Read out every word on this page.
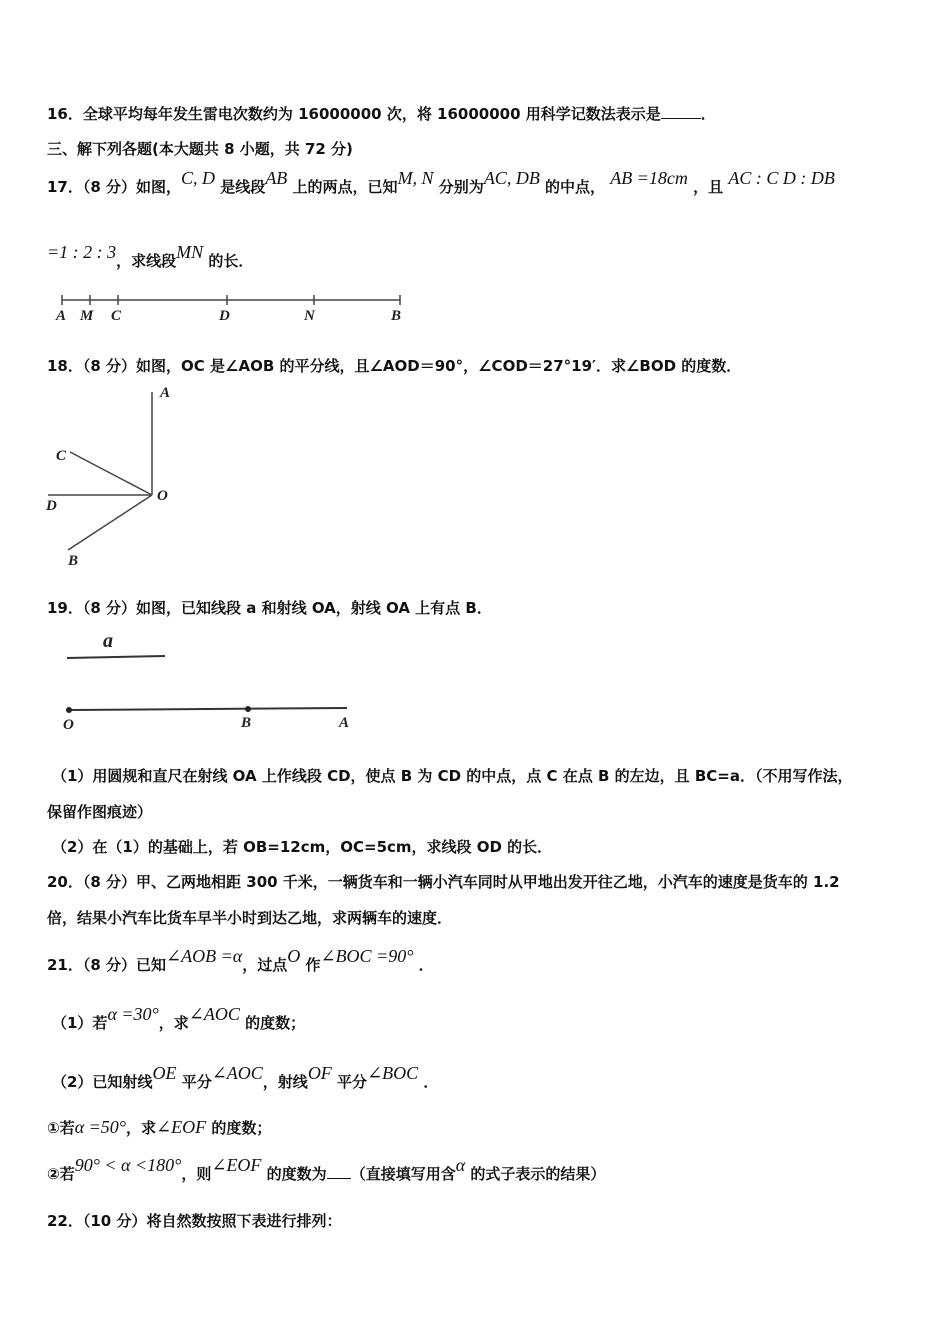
16．全球平均每年发生雷电次数约为 16000000 次，将 16000000 用科学记数法表示是	．
三、解下列各题(本大题共 8 小题，共 72 分)
17．（8 分）如图，C, D 是线段AB 上的两点，已知M, N 分别为AC, DB 的中点， AB =18cm ，且 AC : C D : DB
=1 : 2 : 3，求线段MN 的长．
A M C	D	N	B
18．（8 分）如图，OC 是∠AOB 的平分线，且∠AOD＝90°，∠COD＝27°19′．求∠BOD 的度数．
A
C
O
D
B
19．（8 分）如图，已知线段 a 和射线 OA，射线 OA 上有点 B．
a
O	B	A
（1）用圆规和直尺在射线 OA 上作线段 CD，使点 B 为 CD 的中点，点 C 在点 B 的左边，且 BC=a．（不用写作法，
保留作图痕迹）
（2）在（1）的基础上，若 OB=12cm，OC=5cm，求线段 OD 的长．
20．（8 分）甲、乙两地相距 300 千米，一辆货车和一辆小汽车同时从甲地出发开往乙地，小汽车的速度是货车的 1.2
倍，结果小汽车比货车早半小时到达乙地，求两辆车的速度．
21．（8 分）已知∠AOB =α，过点O 作∠BOC =90° ．
（1）若α =30°，求∠AOC 的度数；
（2）已知射线OE 平分∠AOC，射线OF 平分∠BOC ．
①若α =50°，求∠EOF 的度数；
②若90° < α <180°，则∠EOF 的度数为 （直接填写用含α 的式子表示的结果）
22．（10 分）将自然数按照下表进行排列：
